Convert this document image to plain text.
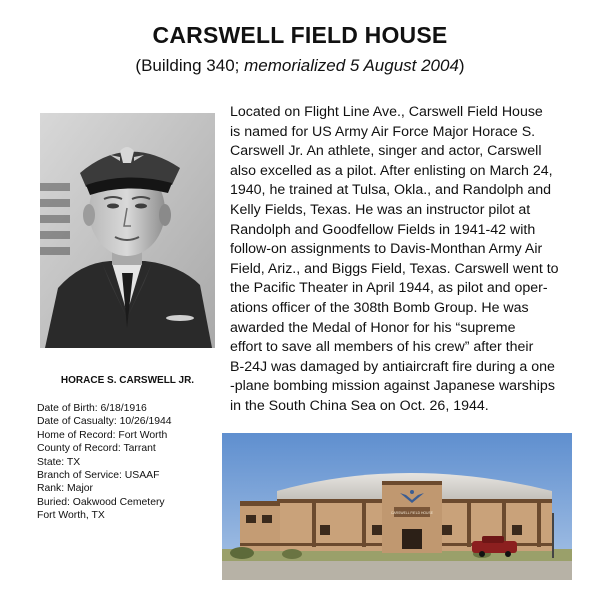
CARSWELL FIELD HOUSE
(Building 340; memorialized 5 August 2004)
HORACE S. CARSWELL JR.
Date of Birth: 6/18/1916
Date of Casualty: 10/26/1944
Home of Record: Fort Worth
County of Record: Tarrant
State: TX
Branch of Service: USAAF
Rank: Major
Buried: Oakwood Cemetery
Fort Worth, TX
Located on Flight Line Ave., Carswell Field House
is named for US Army Air Force Major Horace S.
Carswell Jr. An athlete, singer and actor, Carswell
also excelled as a pilot. After enlisting on March 24,
1940, he trained at Tulsa, Okla., and Randolph and
Kelly Fields, Texas. He was an instructor pilot at
Randolph and Goodfellow Fields in 1941-42 with
follow-on assignments to Davis-Monthan Army Air
Field, Ariz., and Biggs Field, Texas. Carswell went to
the Pacific Theater in April 1944, as pilot and oper-
ations officer of the 308th Bomb Group. He was
awarded the Medal of Honor for his “supreme
effort to save all members of his crew” after their
B-24J was damaged by antiaircraft fire during a one
-plane bombing mission against Japanese warships
in the South China Sea on Oct. 26, 1944.
CARSWELL FIELD HOUSE
